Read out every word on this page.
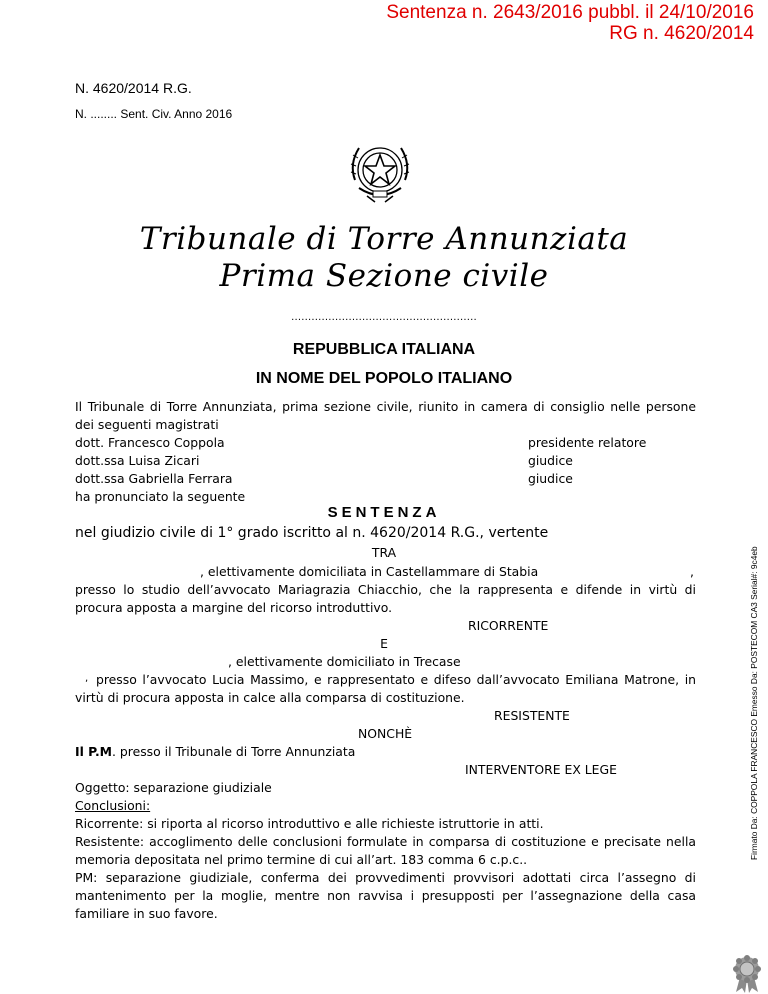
Sentenza n. 2643/2016 pubbl. il 24/10/2016
RG n. 4620/2014
N. 4620/2014 R.G.
N. ........ Sent. Civ. Anno 2016
Tribunale di Torre Annunziata
Prima Sezione civile
.......................................................
REPUBBLICA ITALIANA
IN NOME DEL POPOLO ITALIANO
Il Tribunale di Torre Annunziata, prima sezione civile, riunito in camera di consiglio nelle persone
dei seguenti magistrati
dott. Francesco Coppola	presidente relatore
dott.ssa Luisa Zicari	giudice
dott.ssa Gabriella Ferrara	giudice
ha pronunciato la seguente
SENTENZA
nel giudizio civile di 1° grado iscritto al n. 4620/2014 R.G., vertente
TRA
, elettivamente domiciliata in Castellammare di Stabia	,
presso lo studio dell’avvocato Mariagrazia Chiacchio, che la rappresenta e difende in virtù di
procura apposta a margine del ricorso introduttivo.
RICORRENTE
E
, elettivamente domiciliato in Trecase
, presso l’avvocato Lucia Massimo, e rappresentato e difeso dall’avvocato Emiliana Matrone, in
virtù di procura apposta in calce alla comparsa di costituzione.
RESISTENTE
NONCHÈ
Il P.M. presso il Tribunale di Torre Annunziata
INTERVENTORE EX LEGE
Oggetto: separazione giudiziale
Conclusioni:
Ricorrente: si riporta al ricorso introduttivo e alle richieste istruttorie in atti.
Resistente: accoglimento delle conclusioni formulate in comparsa di costituzione e precisate nella
memoria depositata nel primo termine di cui all’art. 183 comma 6 c.p.c..
PM: separazione giudiziale, conferma dei provvedimenti provvisori adottati circa l’assegno di
mantenimento per la moglie, mentre non ravvisa i presupposti per l’assegnazione della casa
familiare in suo favore.
Firmato Da: COPPOLA FRANCESCO Emesso Da: POSTECOM CA3 Serial#: 9c4eb
